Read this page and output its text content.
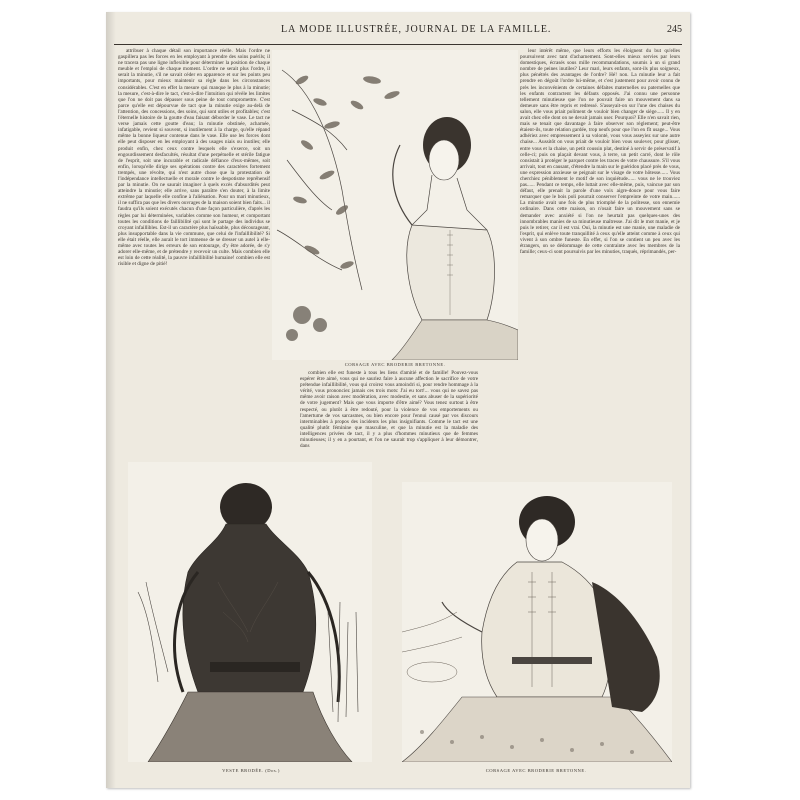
LA MODE ILLUSTRÉE, JOURNAL DE LA FAMILLE.	245

attribuer à chaque détail son importance réelle. Mais l'ordre ne gaspillera pas les forces en les employant à prendre des soins puérils; il ne tracera pas une ligne inflexible pour déterminer la position de chaque meuble et l'emploi de chaque moment. L'ordre ne serait plus l'ordre, il serait la minutie, s'il ne savait céder en apparence et sur les points peu importants, pour mieux maintenir sa règle dans les circonstances considérables. C'est en effet la mesure qui manque le plus à la minutie; la mesure, c'est-à-dire le tact, c'est-à-dire l'intuition qui révèle les limites que l'on ne doit pas dépasser sous peine de tout compromettre. C'est parce qu'elle est dépourvue de tact que la minutie exige au-delà de l'attention, des concessions, des soins, qui sont utiles et profitables; c'est l'éternelle histoire de la goutte d'eau faisant déborder le vase. Le tact ne verse jamais cette goutte d'eau; la minutie obstinée, acharnée, infatigable, revient si souvent, si inutilement à la charge, qu'elle répand même la bonne liqueur contenue dans le vase. Elle use les forces dont elle peut disposer en les employant à des usages niais ou inutiles; elle produit enfin, chez ceux contre lesquels elle s'exerce, soit un engourdissement desfacultés, résultat d'une perpétuelle et stérile fatigue de l'esprit, soit une incurable et radicale défiance d'eux-mêmes, soit enfin, lorsqu'elle dirige ses opérations contre des caractères fortement trempés, une révolte, qui n'est autre chose que la protestation de l'indépendance intellectuelle et morale contre le despotisme repréhensif par la minutie. On ne saurait imaginer à quels excès d'absurdités peut atteindre la minutie; elle arrive, sans paraître s'en douter, à la limite extrême par laquelle elle confine à l'aliénation. Pour un mari minutieux, il ne suffira pas que les divers ouvrages de la maison soient bien faits... il faudra qu'ils soient exécutés chacun d'une façon particulière, d'après les règles par lui déterminées, variables comme son humeur, et comportant toutes les conditions de faillibilité qui sont le partage des individus se croyant infaillibles. Est-il un caractère plus haïssable, plus décourageant, plus insupportable dans la vie commune, que celui de l'infaillibilité? Si elle était réelle, elle aurait le tort immense de se dresser un autel à elle-même avec toutes les erreurs de son entourage, d'y être adorée, de s'y adorer elle-même, et de prétendre y recevoir un culte. Mais combien elle est loin de cette réalité, la pauvre infaillibilité humaine! combien elle est risible et digne de pitié!

CORSAGE AVEC BRODERIE BRETONNE.

combien elle est funeste à tous les liens d'amitié et de famille! Pouvez-vous espérer être aimé, vous qui ne sauriez faire à aucune affection le sacrifice de votre prétendue infaillibilité, vous qui croirez vous amoindri si, pour rendre hommage à la vérité, vous prononciez jamais ces trois mots: J'ai eu tort!... vous qui ne savez pas même avoir raison avec modération, avec modestie, et sans abuser de la supériorité de votre jugement? Mais que vous importe d'être aimé? Vous tenez surtout à être respecté, ou plutôt à être redouté, pour la violence de vos emportements ou l'amertume de vos sarcasmes, ou bien encore pour l'ennui causé par vos discours interminables à propos des incidents les plus insignifiants. Comme le tact est une qualité plutôt féminine que masculine, et que la minutie est la maladie des intelligences privées de tact, il y a plus d'hommes minutieux que de femmes minutieuses; il y en a pourtant, et l'on ne saurait trop s'appliquer à leur démontrer, dans

leur intérêt même, que leurs efforts les éloignent du but qu'elles poursuivent avec tant d'acharnement. Sont-elles mieux servies par leurs domestiques, écrasés sous mille recommandations, soumis à un si grand nombre de peines inutiles? Leur mari, leurs enfants, sont-ils plus soigneux, plus pénétrés des avantages de l'ordre? Hé! non. La minutie leur a fait prendre en dégoût l'ordre lui-même, et c'est justement pour avoir connu de près les inconvénients de certaines défaites maternelles ou paternelles que les enfants contractent les défauts opposés. J'ai connu une personne tellement minutieuse que l'on ne pouvait faire un mouvement dans sa demeure sans être repris et redressé. S'asseyait-on sur l'une des chaises du salon, elle vous priait poliment de vouloir bien changer de siège...... Il y en avait chez elle dont on ne devait jamais user. Pourquoi? Elle n'en savait rien, mais se tenait que davantage à faire observer son règlement; peut-être étaient-ils, toute relation gardée, trop neufs pour que l'on en fît usage... Vous adhériez avec empressement à sa volonté, vous vous asseyiez sur une autre chaise... Aussitôt on vous priait de vouloir bien vous soulever, pour glisser, entre vous et la chaise, un petit coussin plat, destiné à servir de préservatif à celle-ci; puis on plaçait devant vous, à terre, un petit carré, dont le rôle consistait à protéger le parquet contre les traces de votre chaussure. S'il vous arrivait, tout en causant, d'étendre la main sur le guéridon placé près de vous, une expression anxieuse se peignait sur le visage de votre hôtesse...... Vous cherchiez péniblement le motif de son inquiétude...... vous ne le trouviez pas...... Pendant ce temps, elle luttait avec elle-même, puis, vaincue par son défaut, elle prenait la parole d'une voix aigre-douce pour vous faire remarquer que le bois poli pourrait conserver l'empreinte de votre main...... La minutie avait une fois de plus triomphé de la politesse, son ennemie ordinaire. Dans cette maison, on n'osait faire un mouvement sans se demander avec anxiété si l'on ne heurtait pas quelques-unes des innombrables manies de sa minutieuse maîtresse. J'ai dit le mot manie, et je puis le retirer, car il est vrai. Oui, la minutie est une manie, une maladie de l'esprit, qui enlève toute tranquillité à ceux qu'elle atteint comme à ceux qui vivent à son ombre funeste. En effet, si l'on se contient un peu avec les étrangers, on se dédommage de cette contrainte avec les membres de la famille; ceux-ci sont poursuivis par les minuties, traqués, réprimandés, per-

VESTE BRODÉE. (Dos.)	CORSAGE AVEC BRODERIE BRETONNE.
